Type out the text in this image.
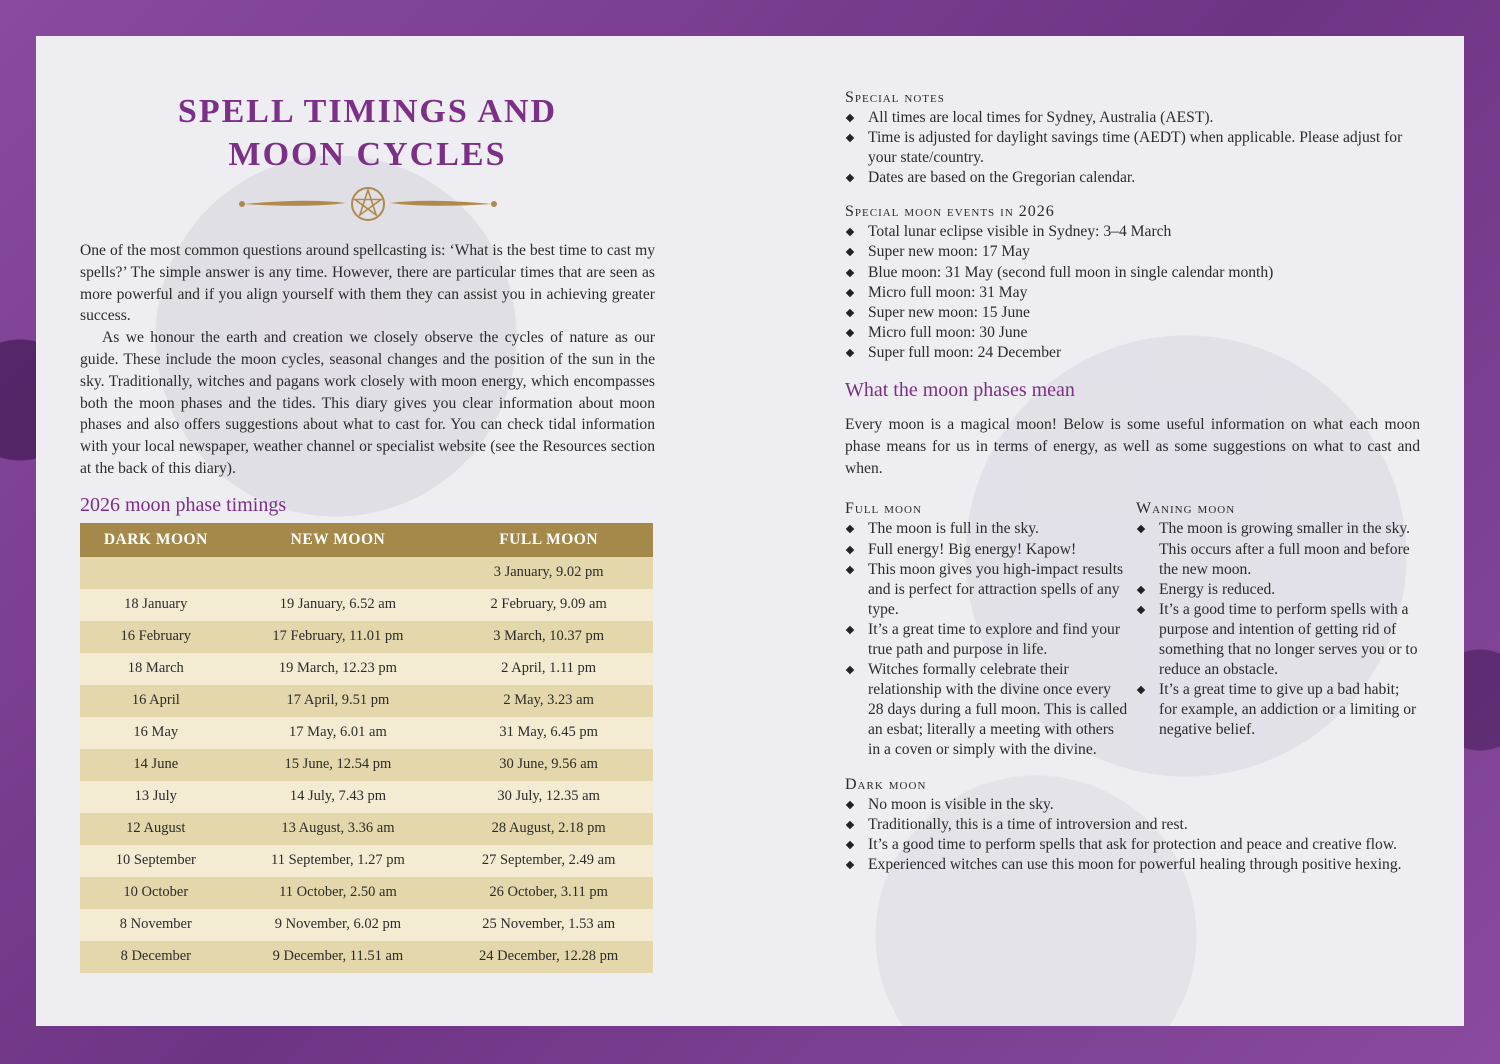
SPELL TIMINGS AND
MOON CYCLES

One of the most common questions around spellcasting is: ‘What is the best time to cast my spells?’ The simple answer is any time. However, there are particular times that are seen as more powerful and if you align yourself with them they can assist you in achieving greater success.

As we honour the earth and creation we closely observe the cycles of nature as our guide. These include the moon cycles, seasonal changes and the position of the sun in the sky. Traditionally, witches and pagans work closely with moon energy, which encompasses both the moon phases and the tides. This diary gives you clear information about moon phases and also offers suggestions about what to cast for. You can check tidal information with your local newspaper, weather channel or specialist website (see the Resources section at the back of this diary).

2026 moon phase timings
DARK MOON	NEW MOON	FULL MOON
		3 January, 9.02 pm
18 January	19 January, 6.52 am	2 February, 9.09 am
16 February	17 February, 11.01 pm	3 March, 10.37 pm
18 March	19 March, 12.23 pm	2 April, 1.11 pm
16 April	17 April, 9.51 pm	2 May, 3.23 am
16 May	17 May, 6.01 am	31 May, 6.45 pm
14 June	15 June, 12.54 pm	30 June, 9.56 am
13 July	14 July, 7.43 pm	30 July, 12.35 am
12 August	13 August, 3.36 am	28 August, 2.18 pm
10 September	11 September, 1.27 pm	27 September, 2.49 am
10 October	11 October, 2.50 am	26 October, 3.11 pm
8 November	9 November, 6.02 pm	25 November, 1.53 am
8 December	9 December, 11.51 am	24 December, 12.28 pm

Special notes

All times are local times for Sydney, Australia (AEST).
Time is adjusted for daylight savings time (AEDT) when applicable. Please adjust for your state/country.
Dates are based on the Gregorian calendar.

Special moon events in 2026

Total lunar eclipse visible in Sydney: 3–4 March
Super new moon: 17 May
Blue moon: 31 May (second full moon in single calendar month)
Micro full moon: 31 May
Super new moon: 15 June
Micro full moon: 30 June
Super full moon: 24 December
What the moon phases mean

Every moon is a magical moon! Below is some useful information on what each moon phase means for us in terms of energy, as well as some suggestions on what to cast and when.

Full moon

The moon is full in the sky.
Full energy! Big energy! Kapow!
This moon gives you high-impact results and is perfect for attraction spells of any type.
It’s a great time to explore and find your true path and purpose in life.
Witches formally celebrate their relationship with the divine once every 28 days during a full moon. This is called an esbat; literally a meeting with others in a coven or simply with the divine.

Waning moon

The moon is growing smaller in the sky. This occurs after a full moon and before the new moon.
Energy is reduced.
It’s a good time to perform spells with a purpose and intention of getting rid of something that no longer serves you or to reduce an obstacle.
It’s a great time to give up a bad habit; for example, an addiction or a limiting or negative belief.

Dark moon

No moon is visible in the sky.
Traditionally, this is a time of introversion and rest.
It’s a good time to perform spells that ask for protection and peace and creative flow.
Experienced witches can use this moon for powerful healing through positive hexing.
